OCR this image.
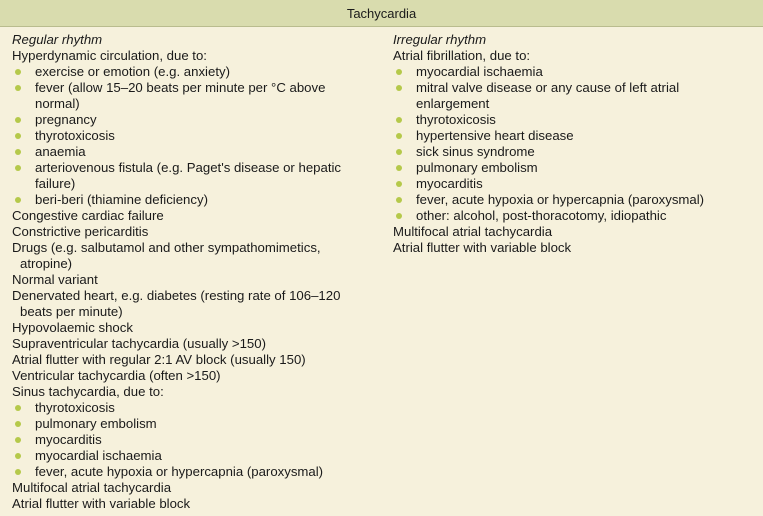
Tachycardia
Regular rhythm
Hyperdynamic circulation, due to:
exercise or emotion (e.g. anxiety)
fever (allow 15–20 beats per minute per °C above
normal)
pregnancy
thyrotoxicosis
anaemia
arteriovenous fistula (e.g. Paget's disease or hepatic
failure)
beri-beri (thiamine deficiency)
Congestive cardiac failure
Constrictive pericarditis
Drugs (e.g. salbutamol and other sympathomimetics,
atropine)
Normal variant
Denervated heart, e.g. diabetes (resting rate of 106–120
beats per minute)
Hypovolaemic shock
Supraventricular tachycardia (usually >150)
Atrial flutter with regular 2:1 AV block (usually 150)
Ventricular tachycardia (often >150)
Sinus tachycardia, due to:
thyrotoxicosis
pulmonary embolism
myocarditis
myocardial ischaemia
fever, acute hypoxia or hypercapnia (paroxysmal)
Multifocal atrial tachycardia
Atrial flutter with variable block
Irregular rhythm
Atrial fibrillation, due to:
myocardial ischaemia
mitral valve disease or any cause of left atrial
enlargement
thyrotoxicosis
hypertensive heart disease
sick sinus syndrome
pulmonary embolism
myocarditis
fever, acute hypoxia or hypercapnia (paroxysmal)
other: alcohol, post-thoracotomy, idiopathic
Multifocal atrial tachycardia
Atrial flutter with variable block
